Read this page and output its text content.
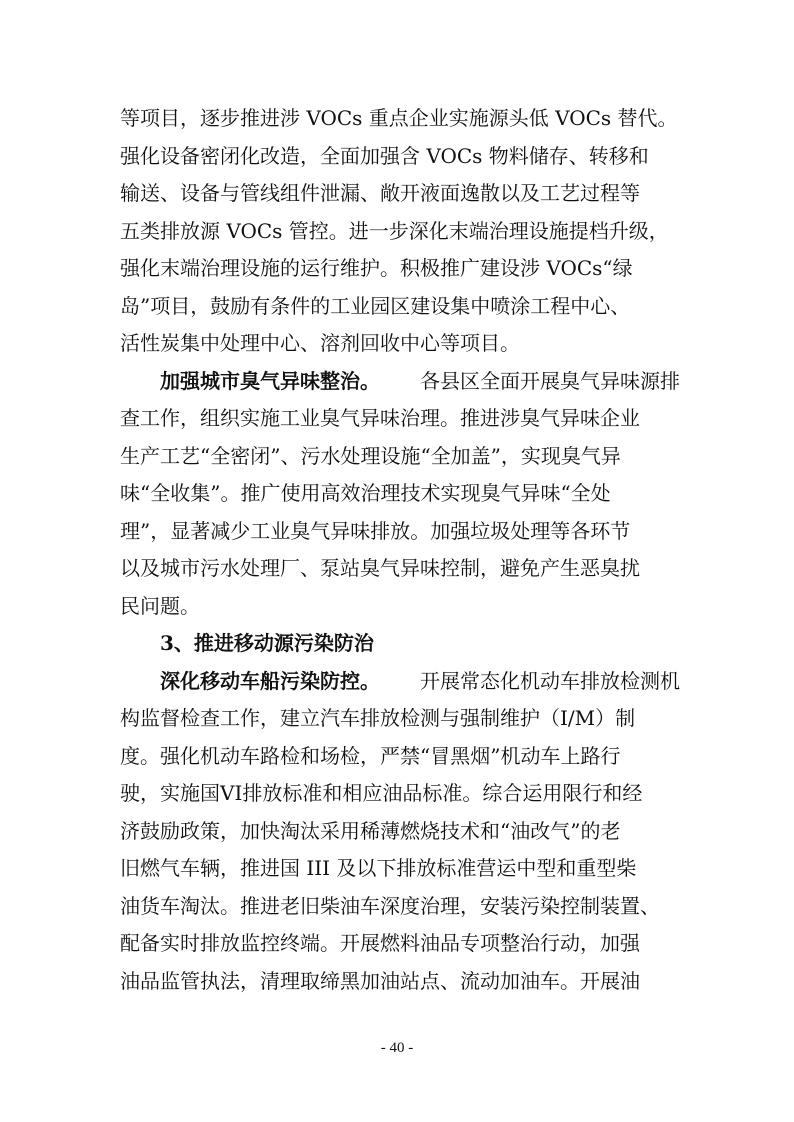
等项目，逐步推进涉 VOCs 重点企业实施源头低 VOCs 替代。
强化设备密闭化改造，全面加强含 VOCs 物料储存、转移和
输送、设备与管线组件泄漏、敞开液面逸散以及工艺过程等
五类排放源 VOCs 管控。进一步深化末端治理设施提档升级，
强化末端治理设施的运行维护。积极推广建设涉 VOCs“绿
岛”项目，鼓励有条件的工业园区建设集中喷涂工程中心、
活性炭集中处理中心、溶剂回收中心等项目。
加强城市臭气异味整治。 各县区全面开展臭气异味源排
查工作，组织实施工业臭气异味治理。推进涉臭气异味企业
生产工艺“全密闭”、污水处理设施“全加盖”，实现臭气异
味“全收集”。推广使用高效治理技术实现臭气异味“全处
理”，显著减少工业臭气异味排放。加强垃圾处理等各环节
以及城市污水处理厂、泵站臭气异味控制，避免产生恶臭扰
民问题。
3、推进移动源污染防治
深化移动车船污染防控。 开展常态化机动车排放检测机
构监督检查工作，建立汽车排放检测与强制维护（I/M）制
度。强化机动车路检和场检，严禁“冒黑烟”机动车上路行
驶，实施国VI排放标准和相应油品标准。综合运用限行和经
济鼓励政策，加快淘汰采用稀薄燃烧技术和“油改气”的老
旧燃气车辆，推进国 III 及以下排放标准营运中型和重型柴
油货车淘汰。推进老旧柴油车深度治理，安装污染控制装置、
配备实时排放监控终端。开展燃料油品专项整治行动，加强
油品监管执法，清理取缔黑加油站点、流动加油车。开展油
- 40 -
